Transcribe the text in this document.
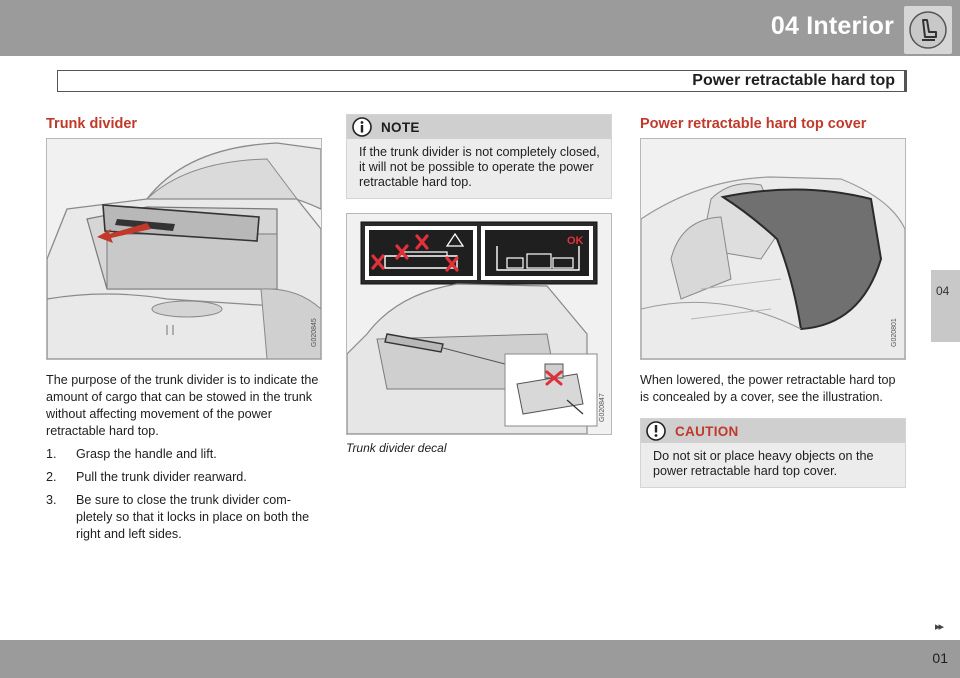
04 Interior
Power retractable hard top
04
Trunk divider
G020845

The purpose of the trunk divider is to indicate the amount of cargo that can be stowed in the trunk without affecting movement of the power retractable hard top.

1. Grasp the handle and lift.
2. Pull the trunk divider rearward.
3. Be sure to close the trunk divider com-pletely so that it locks in place on both the right and left sides.
NOTE
If the trunk divider is not completely closed, it will not be possible to operate the power retractable hard top.
OK
G020847
Trunk divider decal
Power retractable hard top cover
G020801

When lowered, the power retractable hard top is concealed by a cover, see the illustration.

CAUTION
Do not sit or place heavy objects on the power retractable hard top cover.
▸▸
01
